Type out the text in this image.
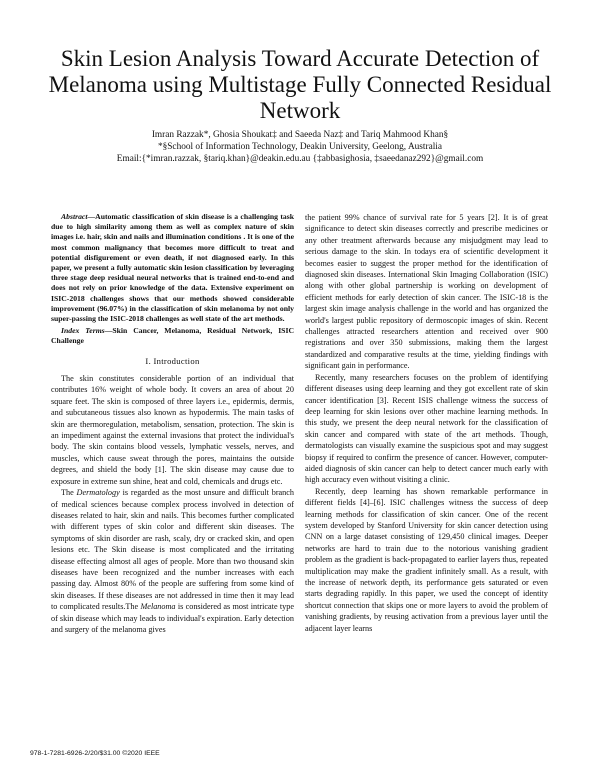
Skin Lesion Analysis Toward Accurate Detection of Melanoma using Multistage Fully Connected Residual Network
Imran Razzak*, Ghosia Shoukat‡ and Saeeda Naz‡ and Tariq Mahmood Khan§
*§School of Information Technology, Deakin University, Geelong, Australia
Email:{*imran.razzak, §tariq.khan}@deakin.edu.au {‡abbasighosia, ‡saeedanaz292}@gmail.com

Abstract—Automatic classification of skin disease is a challenging task due to high similarity among them as well as complex nature of skin images i.e. hair, skin and nails and illumination conditions . It is one of the most common malignancy that becomes more difficult to treat and potential disfigurement or even death, if not diagnosed early. In this paper, we present a fully automatic skin lesion classification by leveraging three stage deep residual neural networks that is trained end-to-end and does not rely on prior knowledge of the data. Extensive experiment on ISIC-2018 challenges shows that our methods showed considerable improvement (96.07%) in the classification of skin melanoma by not only super-passing the ISIC-2018 challenges as well state of the art methods.

Index Terms—Skin Cancer, Melanoma, Residual Network, ISIC Challenge

I. Introduction

The skin constitutes considerable portion of an individual that contributes 16% weight of whole body. It covers an area of about 20 square feet. The skin is composed of three layers i.e., epidermis, dermis, and subcutaneous tissues also known as hypodermis. The main tasks of skin are thermoregulation, metabolism, sensation, protection. The skin is an impediment against the external invasions that protect the individual's body. The skin contains blood vessels, lymphatic vessels, nerves, and muscles, which cause sweat through the pores, maintains the outside degrees, and shield the body [1]. The skin disease may cause due to exposure in extreme sun shine, heat and cold, chemicals and drugs etc.

The Dermatology is regarded as the most unsure and difficult branch of medical sciences because complex process involved in detection of diseases related to hair, skin and nails. This becomes further complicated with different types of skin color and different skin diseases. The symptoms of skin disorder are rash, scaly, dry or cracked skin, and open lesions etc. The Skin disease is most complicated and the irritating disease effecting almost all ages of people. More than two thousand skin diseases have been recognized and the number increases with each passing day. Almost 80% of the people are suffering from some kind of skin diseases. If these diseases are not addressed in time then it may lead to complicated results.The Melanoma is considered as most intricate type of skin disease which may leads to individual's expiration. Early detection and surgery of the melanoma gives

the patient 99% chance of survival rate for 5 years [2]. It is of great significance to detect skin diseases correctly and prescribe medicines or any other treatment afterwards because any misjudgment may lead to serious damage to the skin. In todays era of scientific development it becomes easier to suggest the proper method for the identification of diagnosed skin diseases. International Skin Imaging Collaboration (ISIC) along with other global partnership is working on development of efficient methods for early detection of skin cancer. The ISIC-18 is the largest skin image analysis challenge in the world and has organized the world's largest public repository of dermoscopic images of skin. Recent challenges attracted researchers attention and received over 900 registrations and over 350 submissions, making them the largest standardized and comparative results at the time, yielding findings with significant gain in performance.

Recently, many researchers focuses on the problem of identifying different diseases using deep learning and they got excellent rate of skin cancer identification [3]. Recent ISIS challenge witness the success of deep learning for skin lesions over other machine learning methods. In this study, we present the deep neural network for the classification of skin cancer and compared with state of the art methods. Though, dermatologists can visually examine the suspicious spot and may suggest biopsy if required to confirm the presence of cancer. However, computer-aided diagnosis of skin cancer can help to detect cancer much early with high accuracy even without visiting a clinic.

Recently, deep learning has shown remarkable performance in different fields [4]–[6]. ISIC challenges witness the success of deep learning methods for classification of skin cancer. One of the recent system developed by Stanford University for skin cancer detection using CNN on a large dataset consisting of 129,450 clinical images. Deeper networks are hard to train due to the notorious vanishing gradient problem as the gradient is back-propagated to earlier layers thus, repeated multiplication may make the gradient infinitely small. As a result, with the increase of network depth, its performance gets saturated or even starts degrading rapidly. In this paper, we used the concept of identity shortcut connection that skips one or more layers to avoid the problem of vanishing gradients, by reusing activation from a previous layer until the adjacent layer learns

978-1-7281-6926-2/20/$31.00 ©2020 IEEE
